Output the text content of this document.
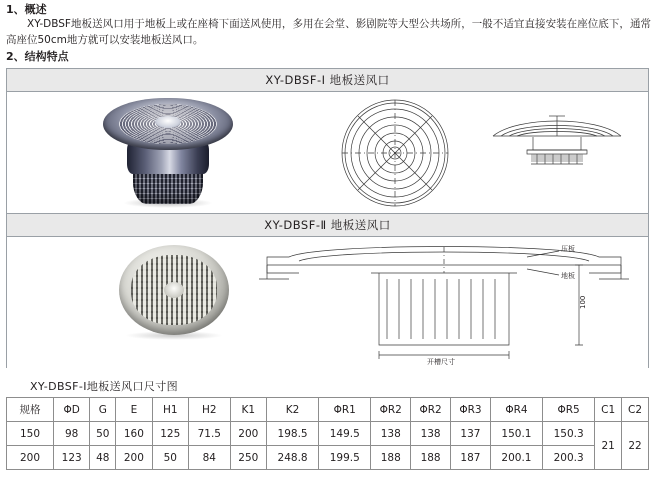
1、概述
XY-DBSF地板送风口用于地板上或在座椅下面送风使用，多用在会堂、影剧院等大型公共场所，一般不适宜直接安装在座位底下，通常高座位50cm地方就可以安装地板送风口。
2、结构特点
XY-DBSF-Ⅰ 地板送风口
XY-DBSF-Ⅱ 地板送风口
开槽尺寸
压板
地板
100
XY-DBSF-Ⅰ地板送风口尺寸图
规格	ΦD	G	E	H1	H2	K1	K2	ΦR1	ΦR2	ΦR2	ΦR3	ΦR4	ΦR5	C1	C2
150	98	50	160	125	71.5	200	198.5	149.5	138	138	137	150.1	150.3	21	22
200	123	48	200	50	84	250	248.8	199.5	188	188	187	200.1	200.3		
